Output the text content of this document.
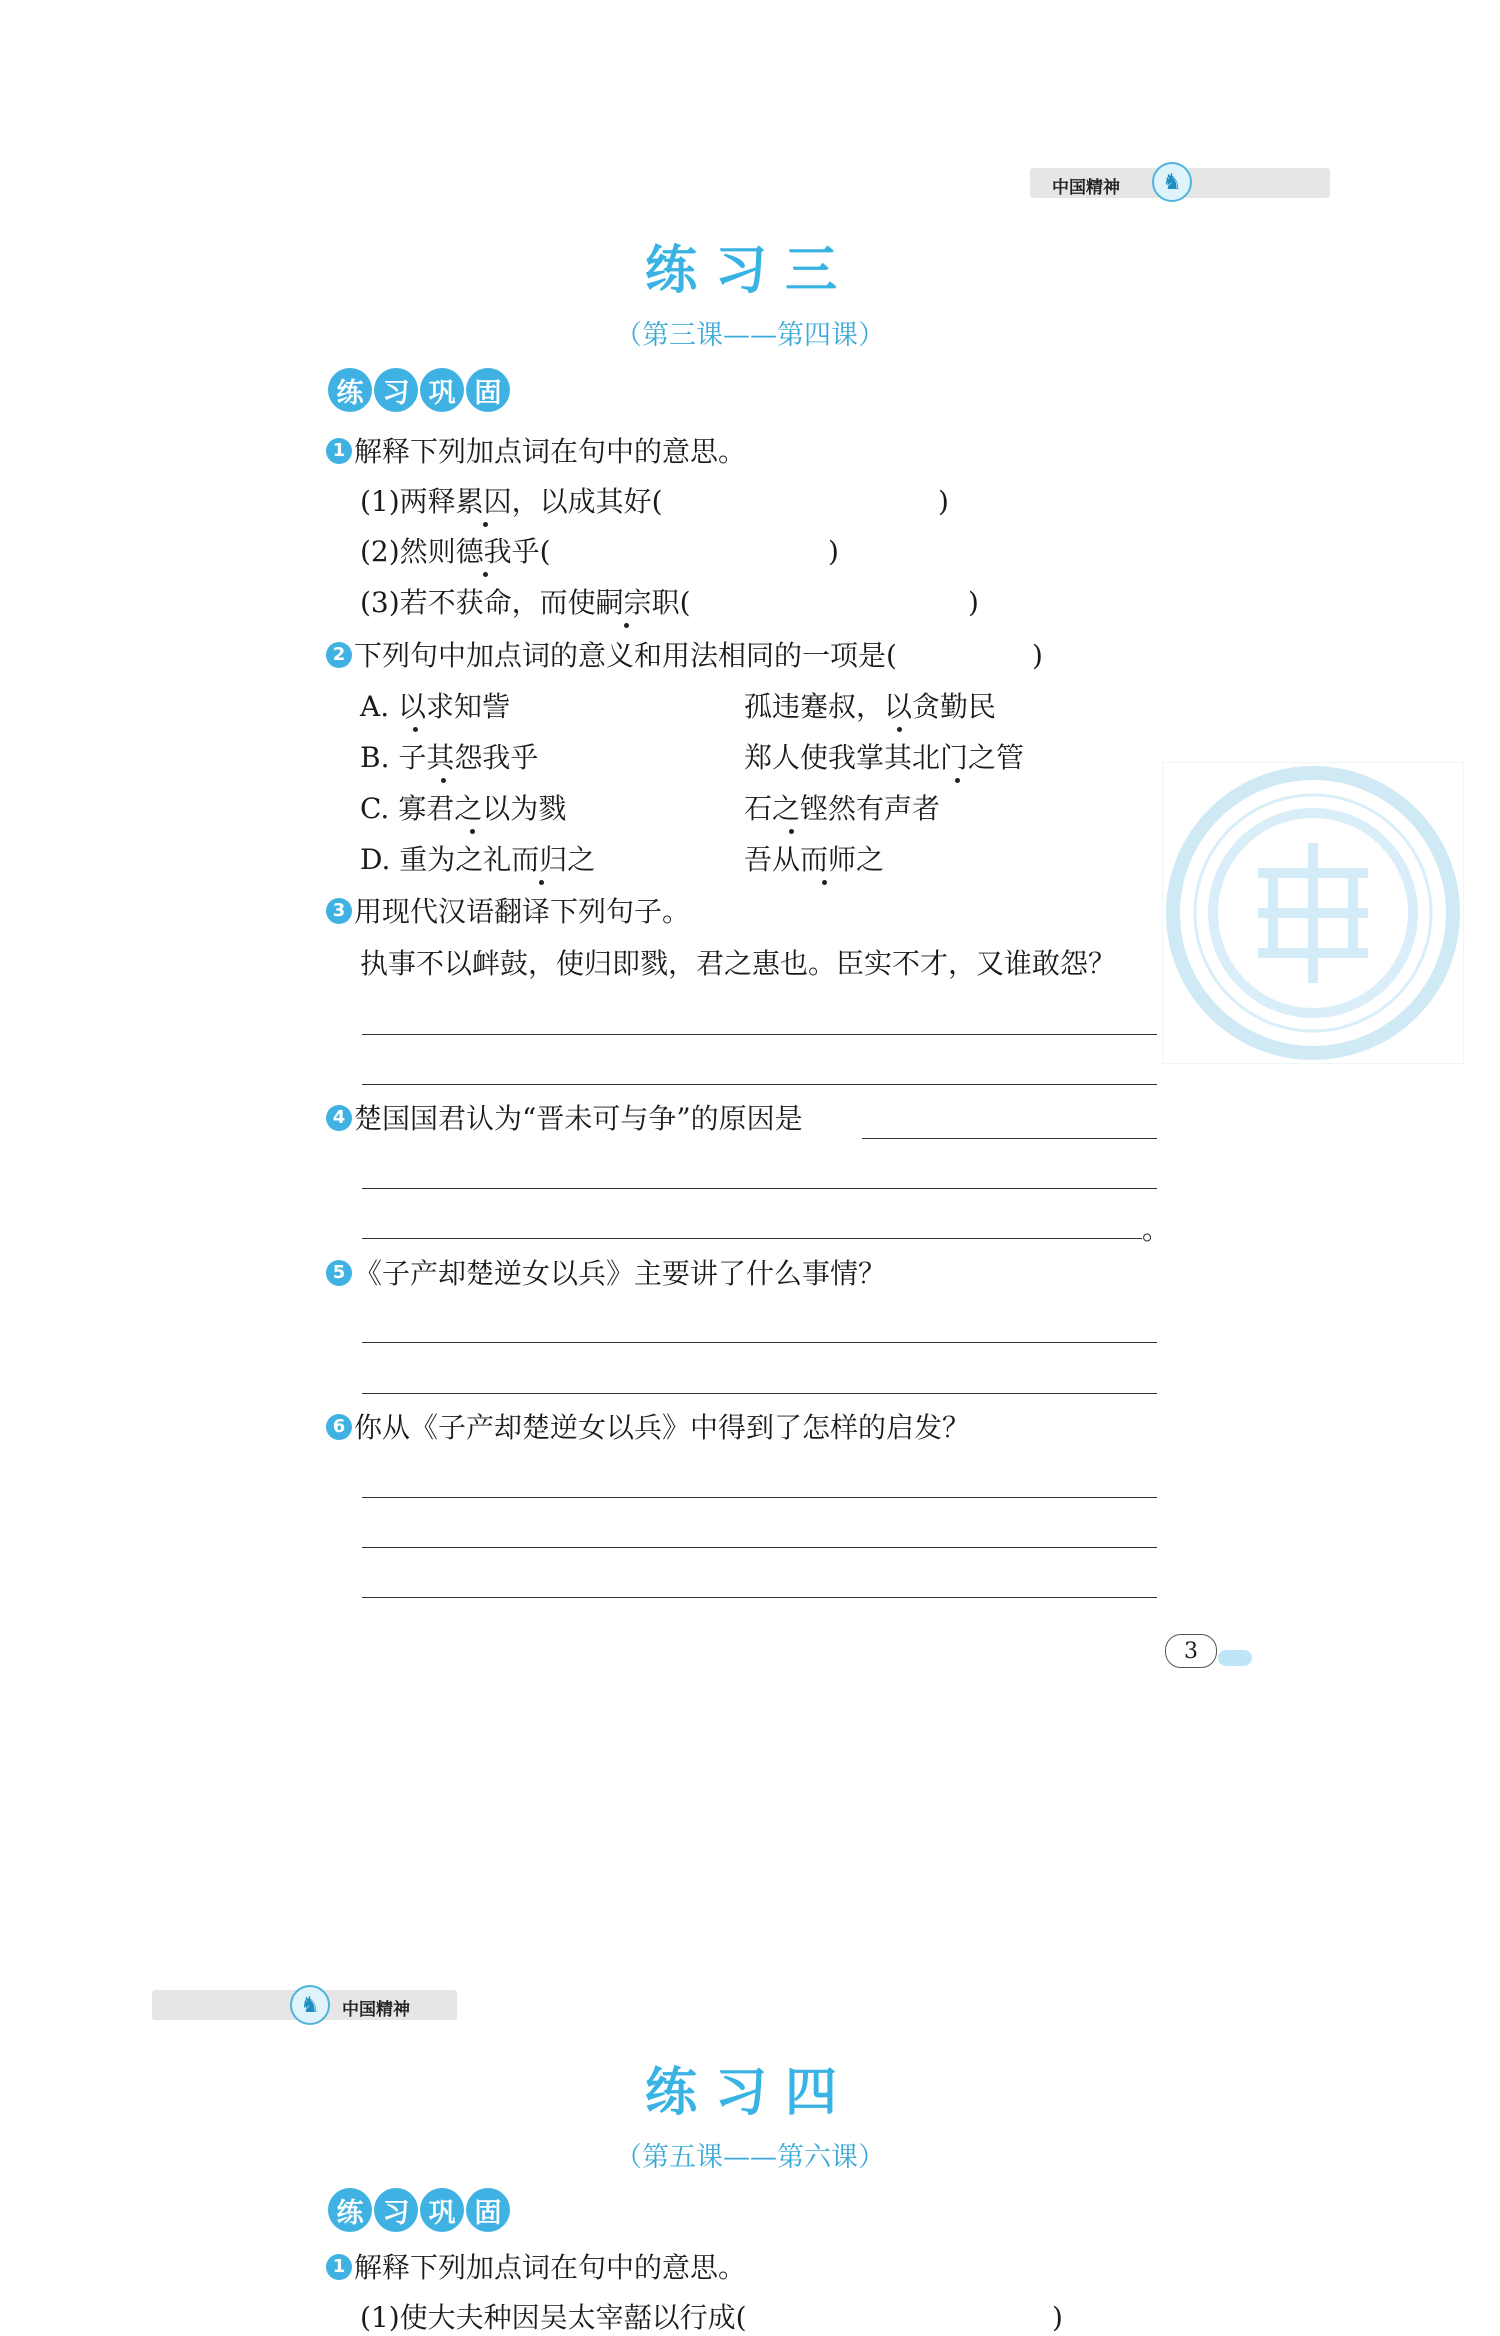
中国精神	♞
练习三
（第三课——第四课）
练 习 巩 固
1 解释下列加点词在句中的意思。
(1)两释累囚，以成其好(	)
(2)然则德我乎(	)
(3)若不获命，而使嗣宗职(	)
2 下列句中加点词的意义和用法相同的一项是(	)
A. 以求知訾	孤违蹇叔，以贪勤民
B. 子其怨我乎	郑人使我掌其北门之管
C. 寡君之以为戮	石之铿然有声者
D. 重为之礼而归之	吾从而师之
3 用现代汉语翻译下列句子。
执事不以衅鼓，使归即戮，君之惠也。臣实不才，又谁敢怨？
4 楚国国君认为“晋未可与争”的原因是
。
5 《子产却楚逆女以兵》主要讲了什么事情？
6 你从《子产却楚逆女以兵》中得到了怎样的启发？
3
♞	中国精神
练习四
（第五课——第六课）
练 习 巩 固
1 解释下列加点词在句中的意思。
(1)使大夫种因吴太宰嚭以行成(	)
